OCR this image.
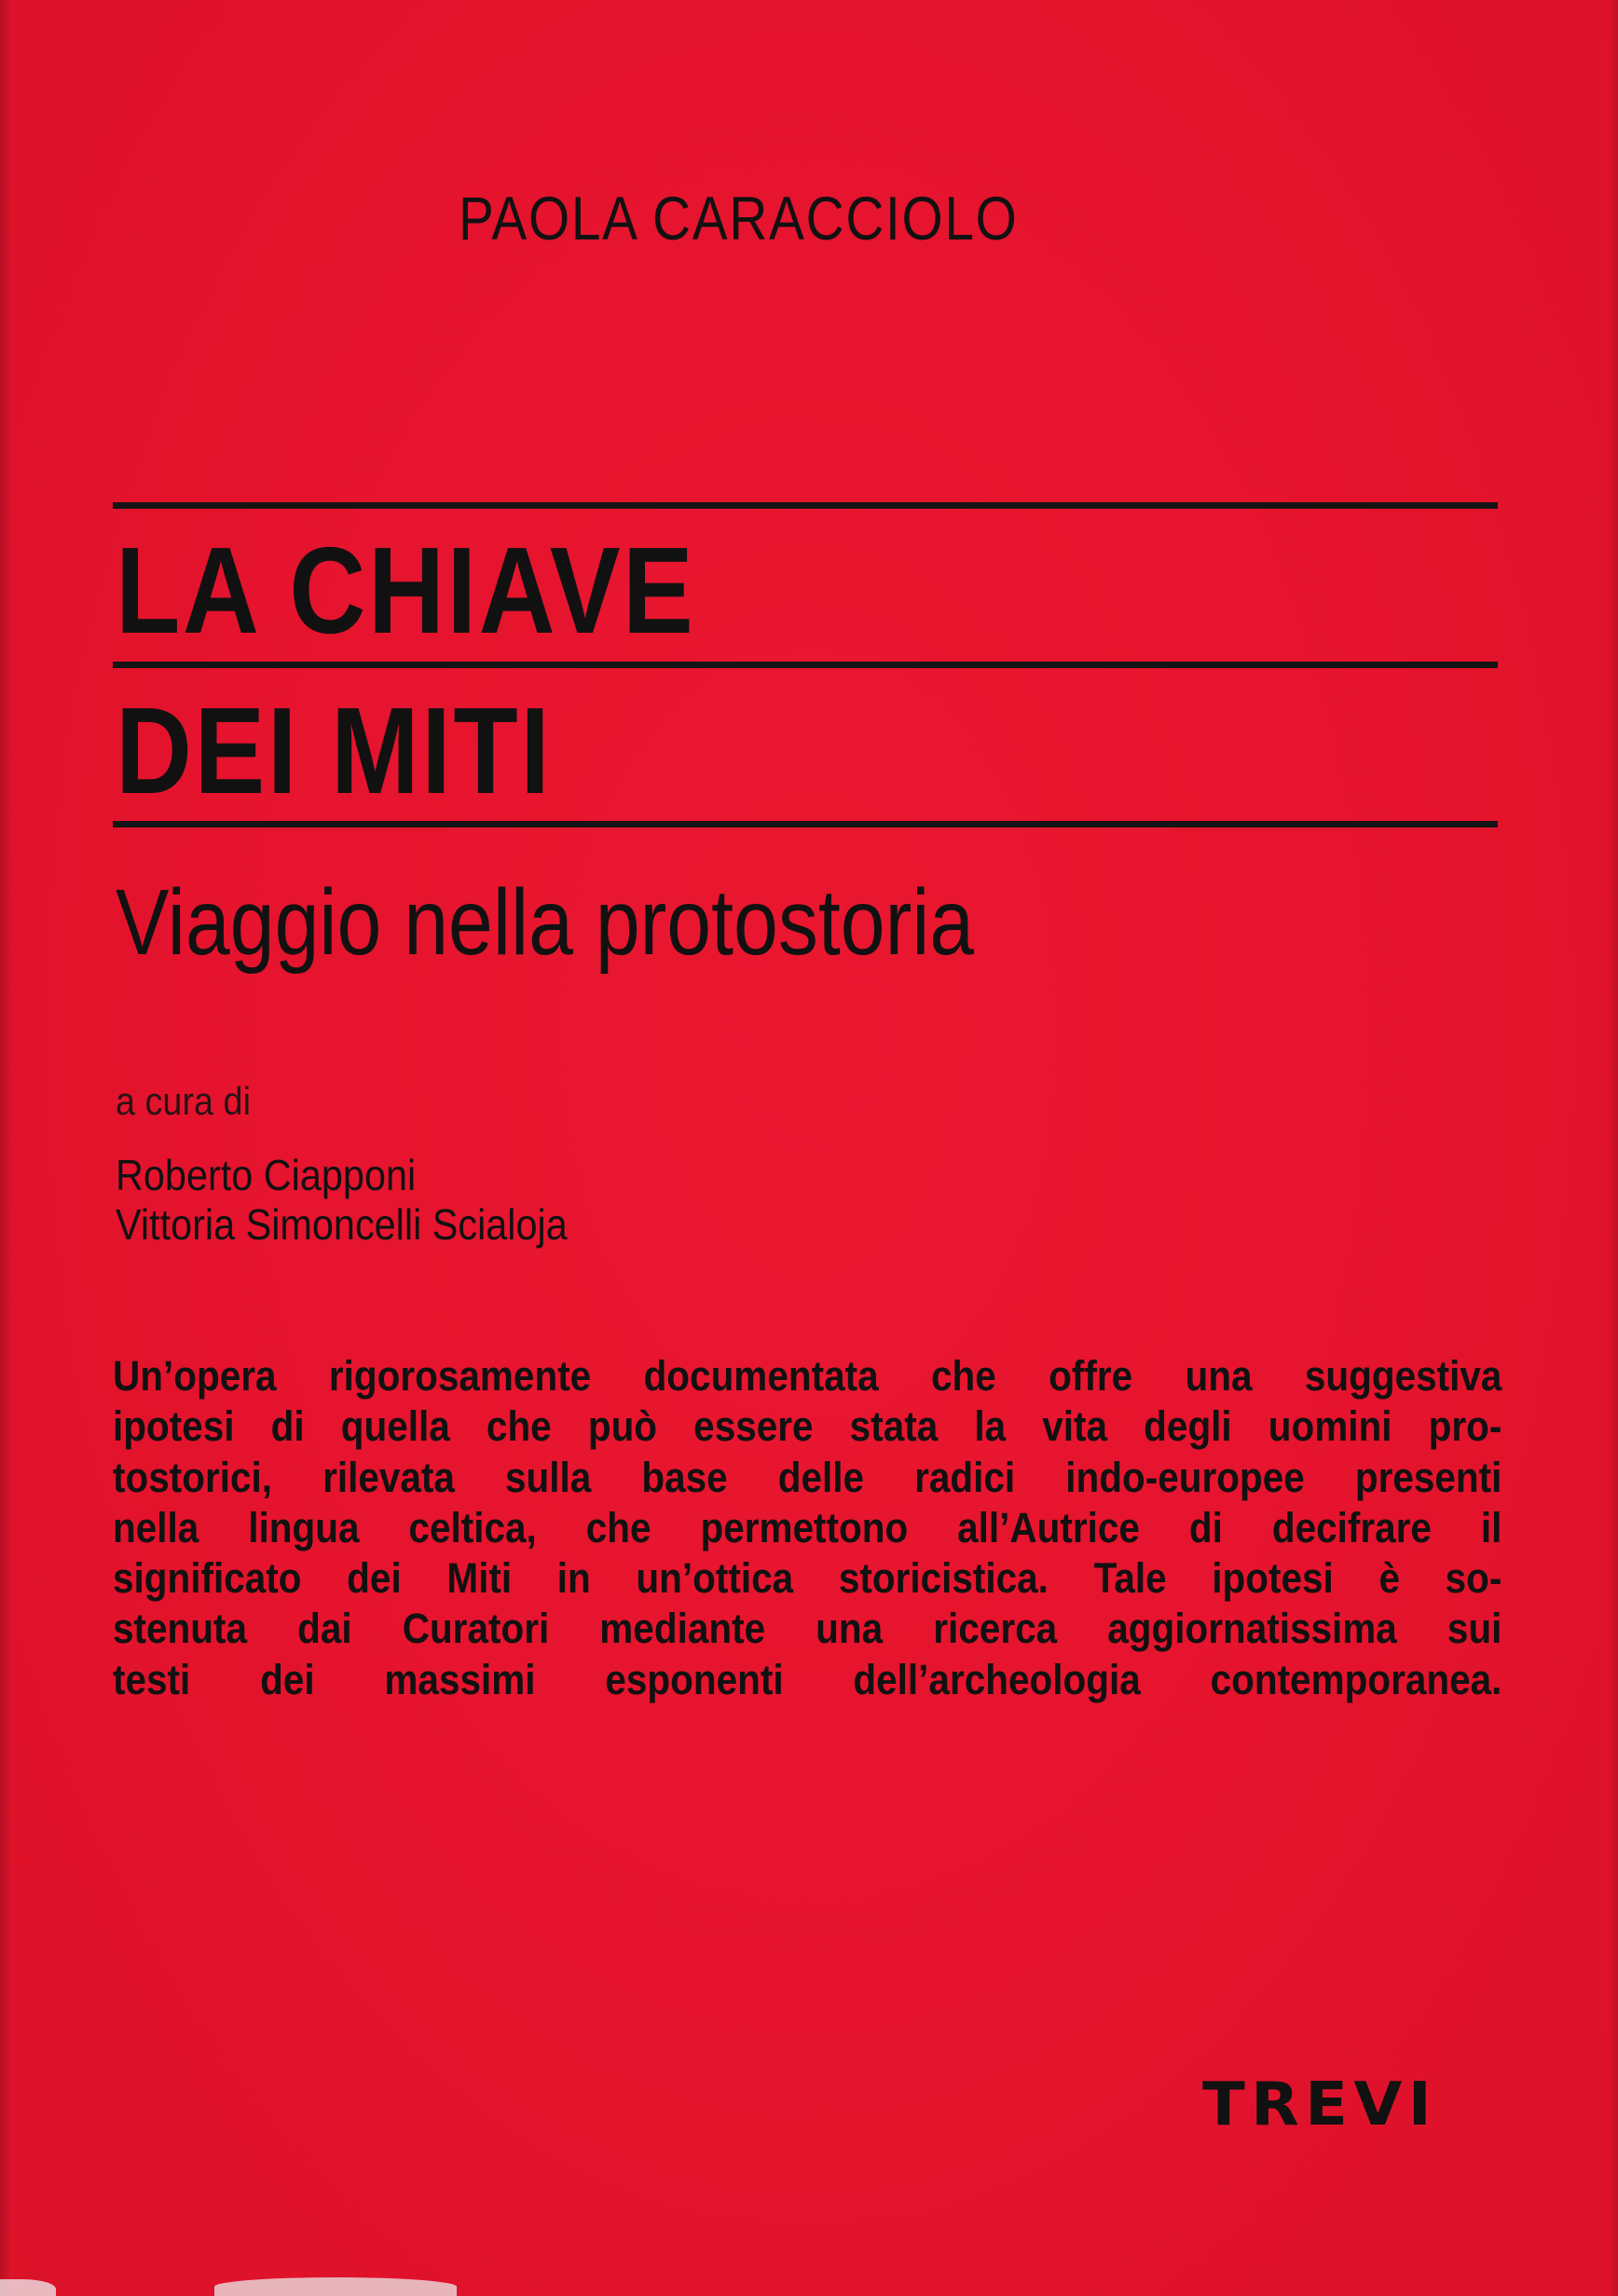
PAOLA CARACCIOLO
LA CHIAVE
DEI MITI
Viaggio nella protostoria
a cura di
Roberto Ciapponi
Vittoria Simoncelli Scialoja
Un’opera rigorosamente documentata che offre una suggestiva
ipotesi di quella che può essere stata la vita degli uomini pro-
tostorici, rilevata sulla base delle radici indo-europee presenti
nella lingua celtica, che permettono all’Autrice di decifrare il
significato dei Miti in un’ottica storicistica. Tale ipotesi è so-
stenuta dai Curatori mediante una ricerca aggiornatissima sui
testi dei massimi esponenti dell’archeologia contemporanea.
TREVI
